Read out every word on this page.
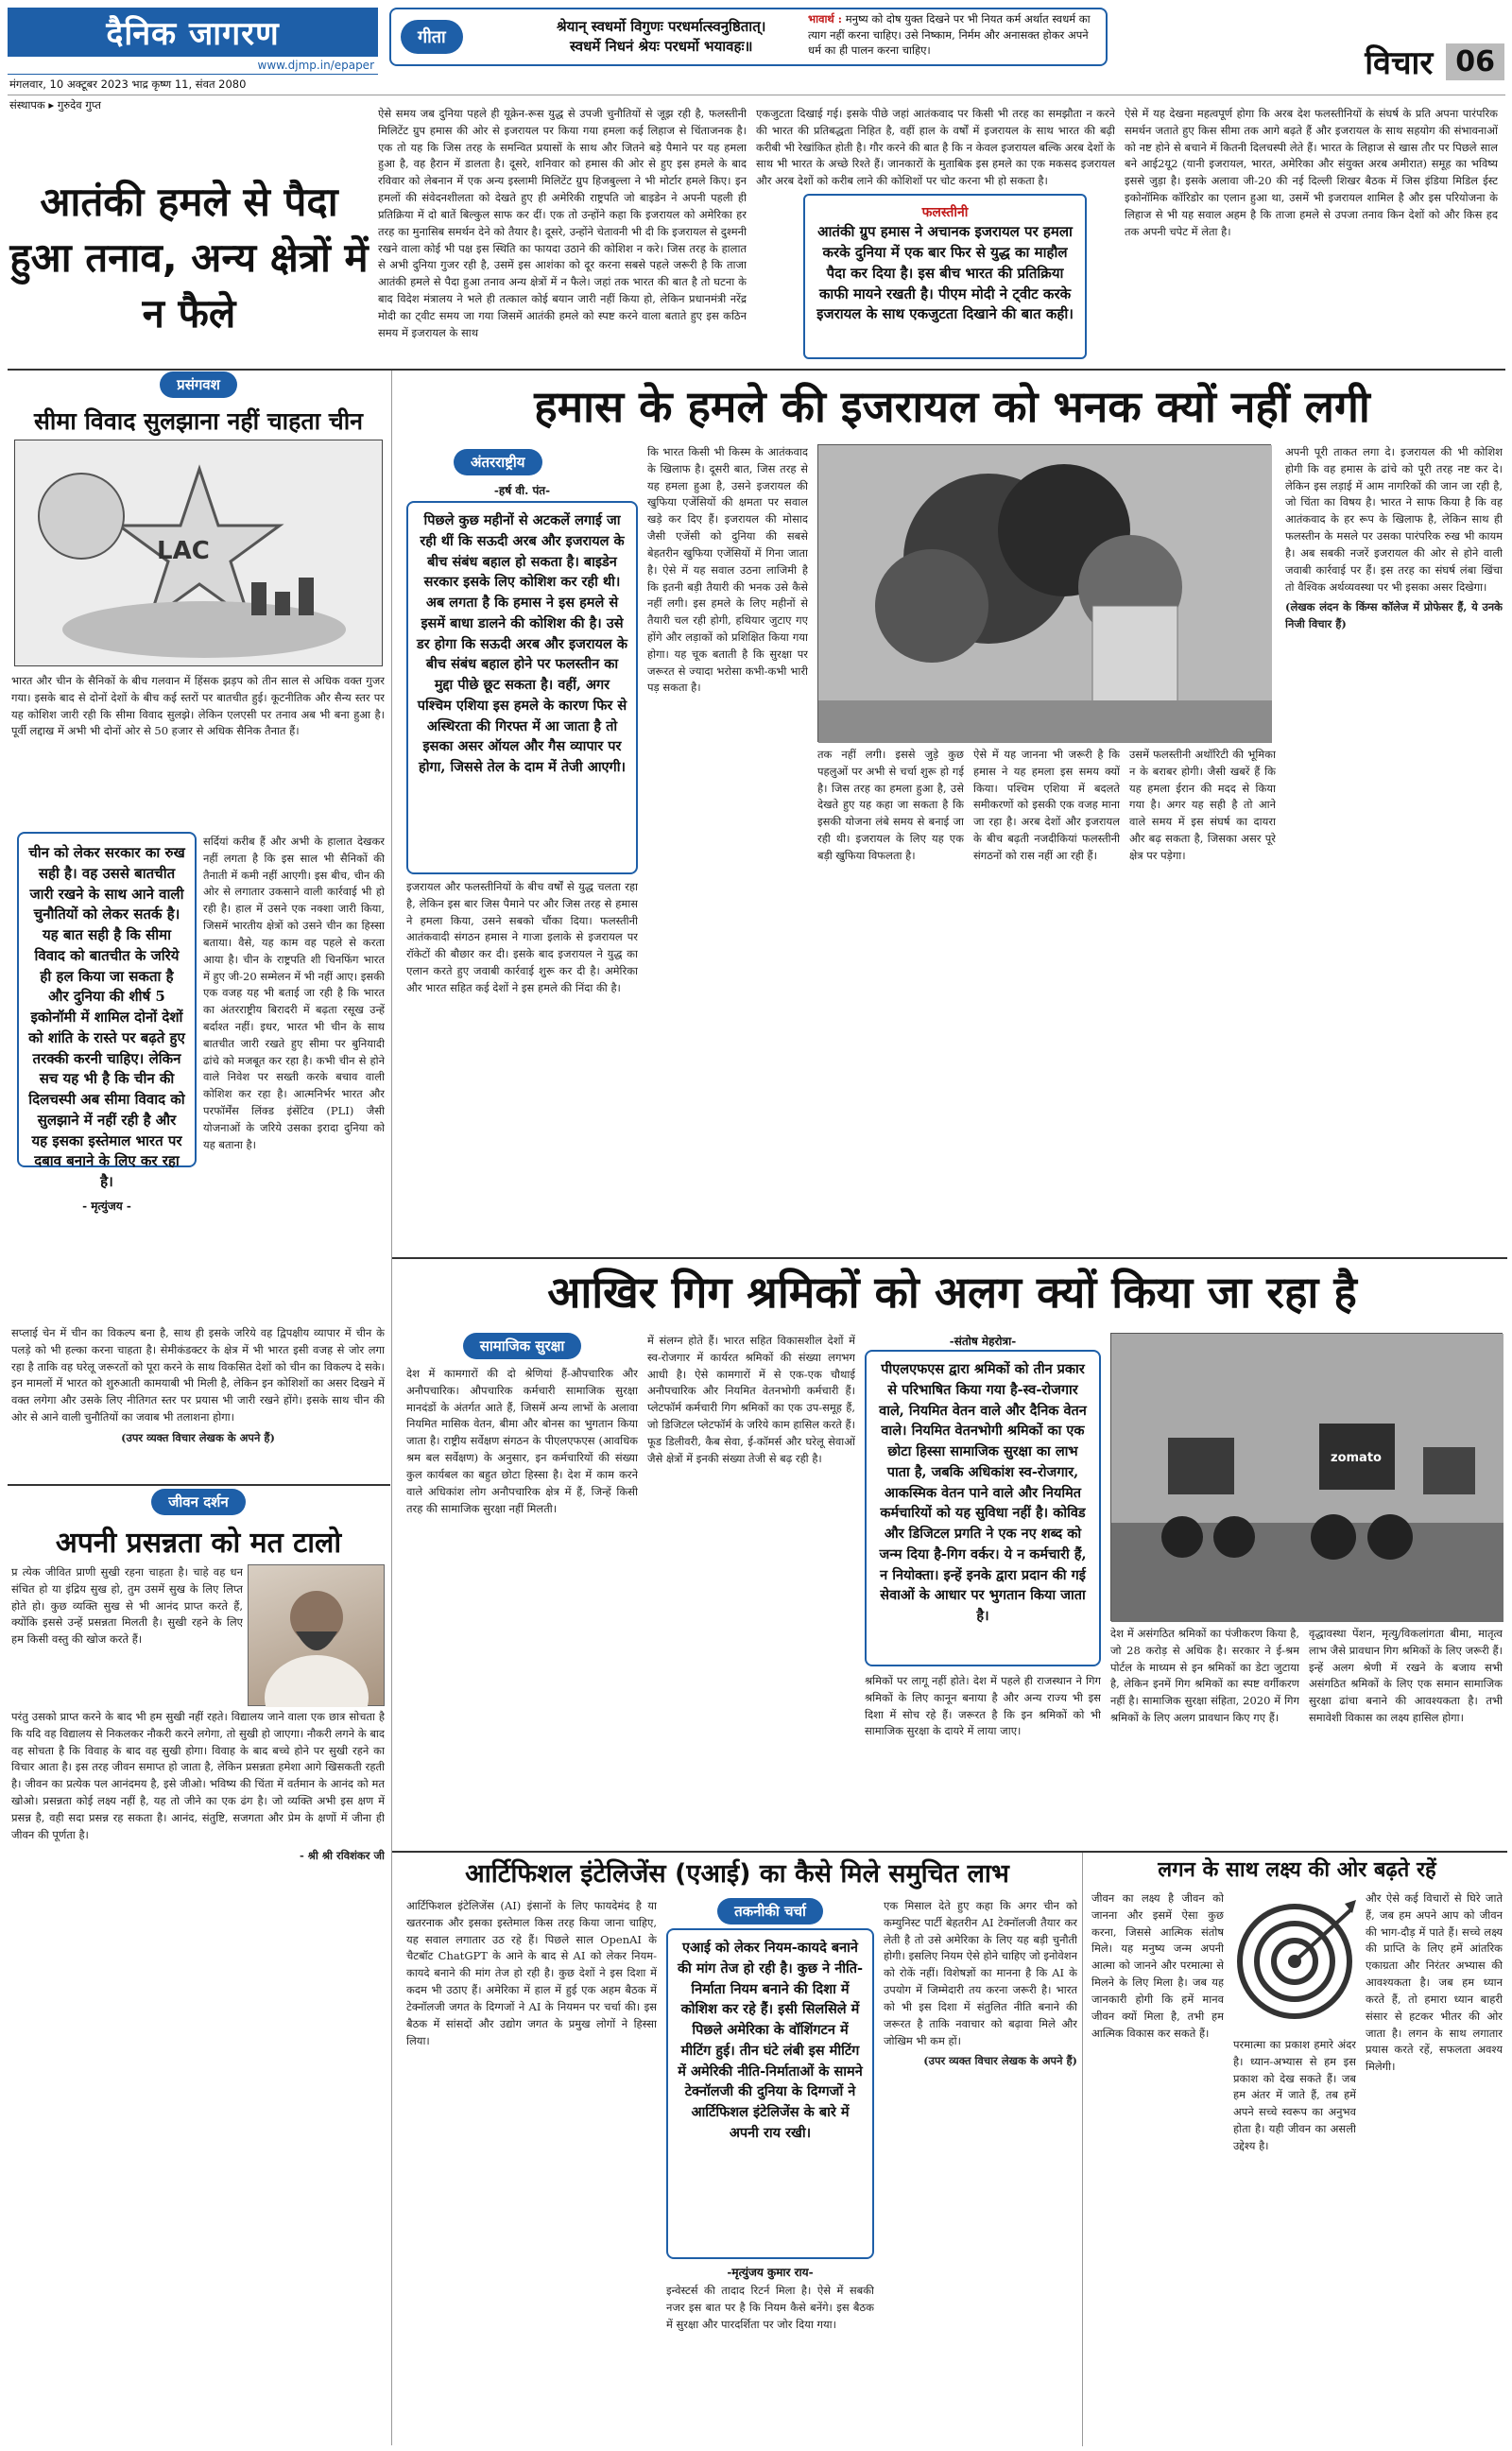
दैनिक जागरण
www.djmp.in/epaper
मंगलवार, 10 अक्टूबर 2023 भाद्र कृष्ण 11, संवत 2080
संस्थापक ▸ गुरुदेव गुप्त
गीता
श्रेयान् स्वधर्मो विगुणः परधर्मात्स्वनुष्ठितात्।
स्वधर्मे निधनं श्रेयः परधर्मो भयावहः॥
भावार्थ : मनुष्य को दोष युक्त दिखने पर भी नियत कर्म अर्थात स्वधर्म का त्याग नहीं करना चाहिए। उसे निष्काम, निर्मम और अनासक्त होकर अपने धर्म का ही पालन करना चाहिए।	विचार 06
आतंकी हमले से पैदा हुआ तनाव, अन्य क्षेत्रों में न फैले
ऐसे समय जब दुनिया पहले ही यूक्रेन-रूस युद्ध से उपजी चुनौतियों से जूझ रही है, फलस्तीनी मिलिटेंट ग्रुप हमास की ओर से इजरायल पर किया गया हमला कई लिहाज से चिंताजनक है। एक तो यह कि जिस तरह के समन्वित प्रयासों के साथ और जितने बड़े पैमाने पर यह हमला हुआ है, वह हैरान में डालता है। दूसरे, शनिवार को हमास की ओर से हुए इस हमले के बाद रविवार को लेबनान में एक अन्य इस्लामी मिलिटेंट ग्रुप हिजबुल्ला ने भी मोर्टार हमले किए। इन हमलों की संवेदनशीलता को देखते हुए ही अमेरिकी राष्ट्रपति जो बाइडेन ने अपनी पहली ही प्रतिक्रिया में दो बातें बिल्कुल साफ कर दीं। एक तो उन्होंने कहा कि इजरायल को अमेरिका हर तरह का मुनासिब समर्थन देने को तैयार है। दूसरे, उन्होंने चेतावनी भी दी कि इजरायल से दुश्मनी रखने वाला कोई भी पक्ष इस स्थिति का फायदा उठाने की कोशिश न करे। जिस तरह के हालात से अभी दुनिया गुजर रही है, उसमें इस आशंका को दूर करना सबसे पहले जरूरी है कि ताजा आतंकी हमले से पैदा हुआ तनाव अन्य क्षेत्रों में न फैले। जहां तक भारत की बात है तो घटना के बाद विदेश मंत्रालय ने भले ही तत्काल कोई बयान जारी नहीं किया हो, लेकिन प्रधानमंत्री नरेंद्र मोदी का ट्वीट समय जा गया जिसमें आतंकी हमले को स्पष्ट करने वाला बताते हुए इस कठिन समय में इजरायल के साथ
एकजुटता दिखाई गई। इसके पीछे जहां आतंकवाद पर किसी भी तरह का समझौता न करने की भारत की प्रतिबद्धता निहित है, वहीं हाल के वर्षों में इजरायल के साथ भारत की बढ़ी करीबी भी रेखांकित होती है। गौर करने की बात है कि न केवल इजरायल बल्कि अरब देशों के साथ भी भारत के अच्छे रिश्ते हैं। जानकारों के मुताबिक इस हमले का एक मकसद इजरायल और अरब देशों को करीब लाने की कोशिशों पर चोट करना भी हो सकता है।
फलस्तीनी
आतंकी ग्रुप हमास ने अचानक इजरायल पर हमला करके दुनिया में एक बार फिर से युद्ध का माहौल पैदा कर दिया है। इस बीच भारत की प्रतिक्रिया काफी मायने रखती है। पीएम मोदी ने ट्वीट करके इजरायल के साथ एकजुटता दिखाने की बात कही।
ऐसे में यह देखना महत्वपूर्ण होगा कि अरब देश फलस्तीनियों के संघर्ष के प्रति अपना पारंपरिक समर्थन जताते हुए किस सीमा तक आगे बढ़ते हैं और इजरायल के साथ सहयोग की संभावनाओं को नष्ट होने से बचाने में कितनी दिलचस्पी लेते हैं। भारत के लिहाज से खास तौर पर पिछले साल बने आई2यू2 (यानी इजरायल, भारत, अमेरिका और संयुक्त अरब अमीरात) समूह का भविष्य इससे जुड़ा है। इसके अलावा जी-20 की नई दिल्ली शिखर बैठक में जिस इंडिया मिडिल ईस्ट इकोनॉमिक कॉरिडोर का एलान हुआ था, उसमें भी इजरायल शामिल है और इस परियोजना के लिहाज से भी यह सवाल अहम है कि ताजा हमले से उपजा तनाव किन देशों को और किस हद तक अपनी चपेट में लेता है।
प्रसंगवश
सीमा विवाद सुलझाना नहीं चाहता चीन
LAC
भारत और चीन के सैनिकों के बीच गलवान में हिंसक झड़प को तीन साल से अधिक वक्त गुजर गया। इसके बाद से दोनों देशों के बीच कई स्तरों पर बातचीत हुई। कूटनीतिक और सैन्य स्तर पर यह कोशिश जारी रही कि सीमा विवाद सुलझे। लेकिन एलएसी पर तनाव अब भी बना हुआ है। पूर्वी लद्दाख में अभी भी दोनों ओर से 50 हजार से अधिक सैनिक तैनात हैं।
चीन को लेकर सरकार का रुख सही है। वह उससे बातचीत जारी रखने के साथ आने वाली चुनौतियों को लेकर सतर्क है। यह बात सही है कि सीमा विवाद को बातचीत के जरिये ही हल किया जा सकता है और दुनिया की शीर्ष 5 इकोनॉमी में शामिल दोनों देशों को शांति के रास्ते पर बढ़ते हुए तरक्की करनी चाहिए। लेकिन सच यह भी है कि चीन की दिलचस्पी अब सीमा विवाद को सुलझाने में नहीं रही है और यह इसका इस्तेमाल भारत पर दबाव बनाने के लिए कर रहा है।
- मृत्युंजय -
सर्दियां करीब हैं और अभी के हालात देखकर नहीं लगता है कि इस साल भी सैनिकों की तैनाती में कमी नहीं आएगी। इस बीच, चीन की ओर से लगातार उकसाने वाली कार्रवाई भी हो रही है। हाल में उसने एक नक्शा जारी किया, जिसमें भारतीय क्षेत्रों को उसने चीन का हिस्सा बताया। वैसे, यह काम वह पहले से करता आया है। चीन के राष्ट्रपति शी चिनफिंग भारत में हुए जी-20 सम्मेलन में भी नहीं आए। इसकी एक वजह यह भी बताई जा रही है कि भारत का अंतरराष्ट्रीय बिरादरी में बढ़ता रसूख उन्हें बर्दाश्त नहीं। इधर, भारत भी चीन के साथ बातचीत जारी रखते हुए सीमा पर बुनियादी ढांचे को मजबूत कर रहा है। कभी चीन से होने वाले निवेश पर सख्ती करके बचाव वाली कोशिश कर रहा है। आत्मनिर्भर भारत और परफॉर्मेंस लिंक्ड इंसेंटिव (PLI) जैसी योजनाओं के जरिये उसका इरादा दुनिया को यह बताना है।

सप्लाई चेन में चीन का विकल्प बना है, साथ ही इसके जरिये वह द्विपक्षीय व्यापार में चीन के पलड़े को भी हल्का करना चाहता है। सेमीकंडक्टर के क्षेत्र में भी भारत इसी वजह से जोर लगा रहा है ताकि वह घरेलू जरूरतों को पूरा करने के साथ विकसित देशों को चीन का विकल्प दे सके। इन मामलों में भारत को शुरुआती कामयाबी भी मिली है, लेकिन इन कोशिशों का असर दिखने में वक्त लगेगा और उसके लिए नीतिगत स्तर पर प्रयास भी जारी रखने होंगे। इसके साथ चीन की ओर से आने वाली चुनौतियों का जवाब भी तलाशना होगा।

(उपर व्यक्त विचार लेखक के अपने हैं)

जीवन दर्शन
अपनी प्रसन्नता को मत टालो
प्र त्येक जीवित प्राणी सुखी रहना चाहता है। चाहे वह धन संचित हो या इंद्रिय सुख हो, तुम उसमें सुख के लिए लिप्त होते हो। कुछ व्यक्ति सुख से भी आनंद प्राप्त करते हैं, क्योंकि इससे उन्हें प्रसन्नता मिलती है। सुखी रहने के लिए हम किसी वस्तु की खोज करते हैं।

परंतु उसको प्राप्त करने के बाद भी हम सुखी नहीं रहते। विद्यालय जाने वाला एक छात्र सोचता है कि यदि वह विद्यालय से निकलकर नौकरी करने लगेगा, तो सुखी हो जाएगा। नौकरी लगने के बाद वह सोचता है कि विवाह के बाद वह सुखी होगा। विवाह के बाद बच्चे होने पर सुखी रहने का विचार आता है। इस तरह जीवन समाप्त हो जाता है, लेकिन प्रसन्नता हमेशा आगे खिसकती रहती है। जीवन का प्रत्येक पल आनंदमय है, इसे जीओ। भविष्य की चिंता में वर्तमान के आनंद को मत खोओ। प्रसन्नता कोई लक्ष्य नहीं है, यह तो जीने का एक ढंग है। जो व्यक्ति अभी इस क्षण में प्रसन्न है, वही सदा प्रसन्न रह सकता है। आनंद, संतुष्टि, सजगता और प्रेम के क्षणों में जीना ही जीवन की पूर्णता है।

- श्री श्री रविशंकर जी

हमास के हमले की इजरायल को भनक क्यों नहीं लगी
अंतरराष्ट्रीय
-हर्ष वी. पंत-
पिछले कुछ महीनों से अटकलें लगाई जा रही थीं कि सऊदी अरब और इजरायल के बीच संबंध बहाल हो सकता है। बाइडेन सरकार इसके लिए कोशिश कर रही थी। अब लगता है कि हमास ने इस हमले से इसमें बाधा डालने की कोशिश की है। उसे डर होगा कि सऊदी अरब और इजरायल के बीच संबंध बहाल होने पर फलस्तीन का मुद्दा पीछे छूट सकता है। वहीं, अगर पश्चिम एशिया इस हमले के कारण फिर से अस्थिरता की गिरफ्त में आ जाता है तो इसका असर ऑयल और गैस व्यापार पर होगा, जिससे तेल के दाम में तेजी आएगी।
इजरायल और फलस्तीनियों के बीच वर्षों से युद्ध चलता रहा है, लेकिन इस बार जिस पैमाने पर और जिस तरह से हमास ने हमला किया, उसने सबको चौंका दिया। फलस्तीनी आतंकवादी संगठन हमास ने गाजा इलाके से इजरायल पर रॉकेटों की बौछार कर दी। इसके बाद इजरायल ने युद्ध का एलान करते हुए जवाबी कार्रवाई शुरू कर दी है। अमेरिका और भारत सहित कई देशों ने इस हमले की निंदा की है।
कि भारत किसी भी किस्म के आतंकवाद के खिलाफ है। दूसरी बात, जिस तरह से यह हमला हुआ है, उसने इजरायल की खुफिया एजेंसियों की क्षमता पर सवाल खड़े कर दिए हैं। इजरायल की मोसाद जैसी एजेंसी को दुनिया की सबसे बेहतरीन खुफिया एजेंसियों में गिना जाता है। ऐसे में यह सवाल उठना लाजिमी है कि इतनी बड़ी तैयारी की भनक उसे कैसे नहीं लगी। इस हमले के लिए महीनों से तैयारी चल रही होगी, हथियार जुटाए गए होंगे और लड़ाकों को प्रशिक्षित किया गया होगा। यह चूक बताती है कि सुरक्षा पर जरूरत से ज्यादा भरोसा कभी-कभी भारी पड़ सकता है।
तक नहीं लगी। इससे जुड़े कुछ पहलुओं पर अभी से चर्चा शुरू हो गई है। जिस तरह का हमला हुआ है, उसे देखते हुए यह कहा जा सकता है कि इसकी योजना लंबे समय से बनाई जा रही थी। इजरायल के लिए यह एक बड़ी खुफिया विफलता है।
ऐसे में यह जानना भी जरूरी है कि हमास ने यह हमला इस समय क्यों किया। पश्चिम एशिया में बदलते समीकरणों को इसकी एक वजह माना जा रहा है। अरब देशों और इजरायल के बीच बढ़ती नजदीकियां फलस्तीनी संगठनों को रास नहीं आ रही हैं।
उसमें फलस्तीनी अथॉरिटी की भूमिका न के बराबर होगी। जैसी खबरें हैं कि यह हमला ईरान की मदद से किया गया है। अगर यह सही है तो आने वाले समय में इस संघर्ष का दायरा और बढ़ सकता है, जिसका असर पूरे क्षेत्र पर पड़ेगा।

अपनी पूरी ताकत लगा दे। इजरायल की भी कोशिश होगी कि वह हमास के ढांचे को पूरी तरह नष्ट कर दे। लेकिन इस लड़ाई में आम नागरिकों की जान जा रही है, जो चिंता का विषय है। भारत ने साफ किया है कि वह आतंकवाद के हर रूप के खिलाफ है, लेकिन साथ ही फलस्तीन के मसले पर उसका पारंपरिक रुख भी कायम है। अब सबकी नजरें इजरायल की ओर से होने वाली जवाबी कार्रवाई पर हैं। इस तरह का संघर्ष लंबा खिंचा तो वैश्विक अर्थव्यवस्था पर भी इसका असर दिखेगा।

(लेखक लंदन के किंग्स कॉलेज में प्रोफेसर हैं, ये उनके निजी विचार हैं)

आखिर गिग श्रमिकों को अलग क्यों किया जा रहा है
सामाजिक सुरक्षा
देश में कामगारों की दो श्रेणियां हैं-औपचारिक और अनौपचारिक। औपचारिक कर्मचारी सामाजिक सुरक्षा मानदंडों के अंतर्गत आते हैं, जिसमें अन्य लाभों के अलावा नियमित मासिक वेतन, बीमा और बोनस का भुगतान किया जाता है। राष्ट्रीय सर्वेक्षण संगठन के पीएलएफएस (आवधिक श्रम बल सर्वेक्षण) के अनुसार, इन कर्मचारियों की संख्या कुल कार्यबल का बहुत छोटा हिस्सा है। देश में काम करने वाले अधिकांश लोग अनौपचारिक क्षेत्र में हैं, जिन्हें किसी तरह की सामाजिक सुरक्षा नहीं मिलती।
में संलग्न होते हैं। भारत सहित विकासशील देशों में स्व-रोजगार में कार्यरत श्रमिकों की संख्या लगभग आधी है। ऐसे कामगारों में से एक-एक चौथाई अनौपचारिक और नियमित वेतनभोगी कर्मचारी हैं। प्लेटफॉर्म कर्मचारी गिग श्रमिकों का एक उप-समूह हैं, जो डिजिटल प्लेटफॉर्म के जरिये काम हासिल करते हैं। फूड डिलीवरी, कैब सेवा, ई-कॉमर्स और घरेलू सेवाओं जैसे क्षेत्रों में इनकी संख्या तेजी से बढ़ रही है।
-संतोष मेहरोत्रा-
पीएलएफएस द्वारा श्रमिकों को तीन प्रकार से परिभाषित किया गया है-स्व-रोजगार वाले, नियमित वेतन वाले और दैनिक वेतन वाले। नियमित वेतनभोगी श्रमिकों का एक छोटा हिस्सा सामाजिक सुरक्षा का लाभ पाता है, जबकि अधिकांश स्व-रोजगार, आकस्मिक वेतन पाने वाले और नियमित कर्मचारियों को यह सुविधा नहीं है। कोविड और डिजिटल प्रगति ने एक नए शब्द को जन्म दिया है-गिग वर्कर। ये न कर्मचारी हैं, न नियोक्ता। इन्हें इनके द्वारा प्रदान की गई सेवाओं के आधार पर भुगतान किया जाता है।
श्रमिकों पर लागू नहीं होते। देश में पहले ही राजस्थान ने गिग श्रमिकों के लिए कानून बनाया है और अन्य राज्य भी इस दिशा में सोच रहे हैं। जरूरत है कि इन श्रमिकों को भी सामाजिक सुरक्षा के दायरे में लाया जाए।
zomato
देश में असंगठित श्रमिकों का पंजीकरण किया है, जो 28 करोड़ से अधिक है। सरकार ने ई-श्रम पोर्टल के माध्यम से इन श्रमिकों का डेटा जुटाया है, लेकिन इनमें गिग श्रमिकों का स्पष्ट वर्गीकरण नहीं है। सामाजिक सुरक्षा संहिता, 2020 में गिग श्रमिकों के लिए अलग प्रावधान किए गए हैं।
वृद्धावस्था पेंशन, मृत्यु/विकलांगता बीमा, मातृत्व लाभ जैसे प्रावधान गिग श्रमिकों के लिए जरूरी हैं। इन्हें अलग श्रेणी में रखने के बजाय सभी असंगठित श्रमिकों के लिए एक समान सामाजिक सुरक्षा ढांचा बनाने की आवश्यकता है। तभी समावेशी विकास का लक्ष्य हासिल होगा।
आर्टिफिशल इंटेलिजेंस (एआई) का कैसे मिले समुचित लाभ
आर्टिफिशल इंटेलिजेंस (AI) इंसानों के लिए फायदेमंद है या खतरनाक और इसका इस्तेमाल किस तरह किया जाना चाहिए, यह सवाल लगातार उठ रहे हैं। पिछले साल OpenAI के चैटबॉट ChatGPT के आने के बाद से AI को लेकर नियम-कायदे बनाने की मांग तेज हो रही है। कुछ देशों ने इस दिशा में कदम भी उठाए हैं। अमेरिका में हाल में हुई एक अहम बैठक में टेक्नॉलजी जगत के दिग्गजों ने AI के नियमन पर चर्चा की। इस बैठक में सांसदों और उद्योग जगत के प्रमुख लोगों ने हिस्सा लिया।
तकनीकी चर्चा
एआई को लेकर नियम-कायदे बनाने की मांग तेज हो रही है। कुछ ने नीति-निर्माता नियम बनाने की दिशा में कोशिश कर रहे हैं। इसी सिलसिले में पिछले अमेरिका के वॉशिंगटन में मीटिंग हुई। तीन घंटे लंबी इस मीटिंग में अमेरिकी नीति-निर्माताओं के सामने टेक्नॉलजी की दुनिया के दिग्गजों ने आर्टिफिशल इंटेलिजेंस के बारे में अपनी राय रखी।
-मृत्युंजय कुमार राय-
इन्वेस्टर्स की तादाद रिटर्न मिला है। ऐसे में सबकी नजर इस बात पर है कि नियम कैसे बनेंगे। इस बैठक में सुरक्षा और पारदर्शिता पर जोर दिया गया।

एक मिसाल देते हुए कहा कि अगर चीन को कम्युनिस्ट पार्टी बेहतरीन AI टेक्नॉलजी तैयार कर लेती है तो उसे अमेरिका के लिए यह बड़ी चुनौती होगी। इसलिए नियम ऐसे होने चाहिए जो इनोवेशन को रोकें नहीं। विशेषज्ञों का मानना है कि AI के उपयोग में जिम्मेदारी तय करना जरूरी है। भारत को भी इस दिशा में संतुलित नीति बनाने की जरूरत है ताकि नवाचार को बढ़ावा मिले और जोखिम भी कम हों।

(उपर व्यक्त विचार लेखक के अपने हैं)

लगन के साथ लक्ष्य की ओर बढ़ते रहें
जीवन का लक्ष्य है जीवन को जानना और इसमें ऐसा कुछ करना, जिससे आत्मिक संतोष मिले। यह मनुष्य जन्म अपनी आत्मा को जानने और परमात्मा से मिलने के लिए मिला है। जब यह जानकारी होगी कि हमें मानव जीवन क्यों मिला है, तभी हम आत्मिक विकास कर सकते हैं।
परमात्मा का प्रकाश हमारे अंदर है। ध्यान-अभ्यास से हम इस प्रकाश को देख सकते हैं। जब हम अंतर में जाते हैं, तब हमें अपने सच्चे स्वरूप का अनुभव होता है। यही जीवन का असली उद्देश्य है।
और ऐसे कई विचारों से घिरे जाते हैं, जब हम अपने आप को जीवन की भाग-दौड़ में पाते हैं। सच्चे लक्ष्य की प्राप्ति के लिए हमें आंतरिक एकाग्रता और निरंतर अभ्यास की आवश्यकता है। जब हम ध्यान करते हैं, तो हमारा ध्यान बाहरी संसार से हटकर भीतर की ओर जाता है। लगन के साथ लगातार प्रयास करते रहें, सफलता अवश्य मिलेगी।
